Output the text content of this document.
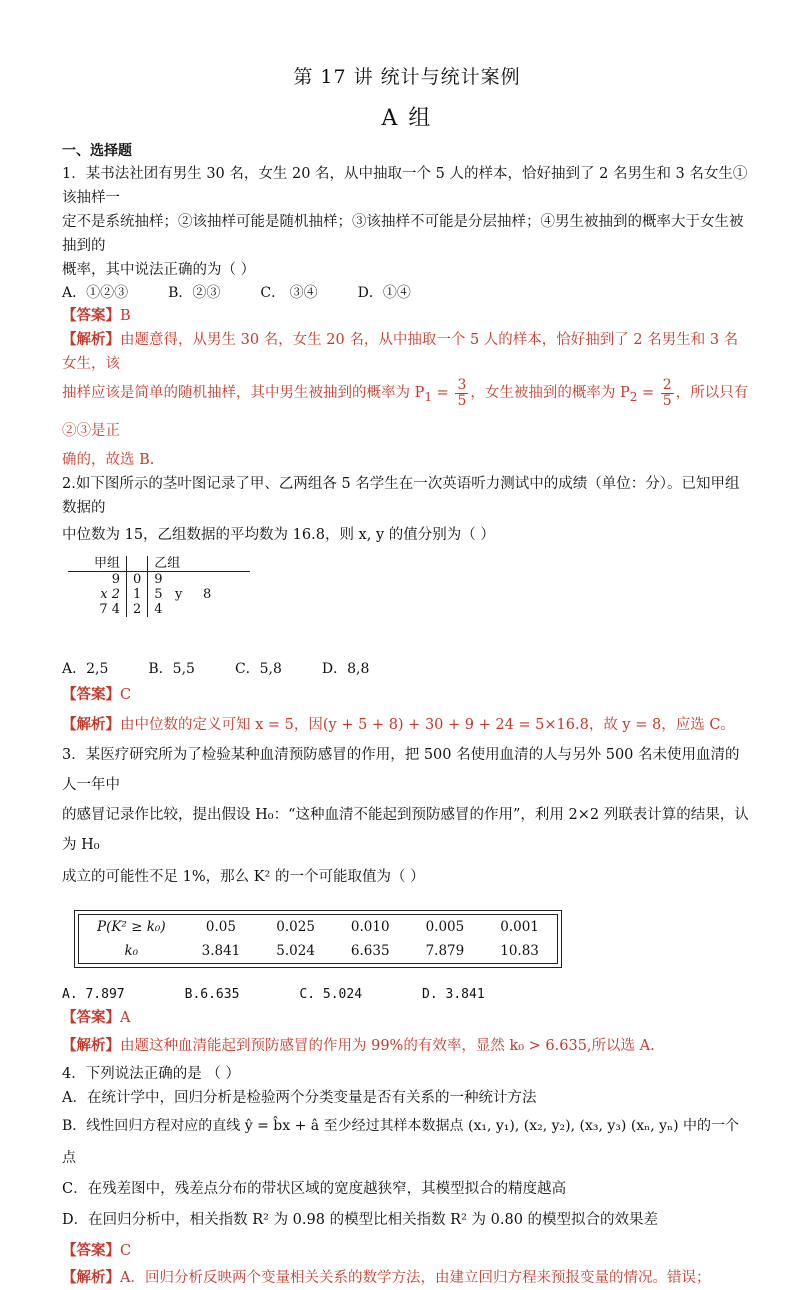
第 17 讲 统计与统计案例
A 组
一、选择题

1．某书法社团有男生 30 名，女生 20 名，从中抽取一个 5 人的样本，恰好抽到了 2 名男生和 3 名女生①该抽样一

定不是系统抽样；②该抽样可能是随机抽样；③该抽样不可能是分层抽样；④男生被抽到的概率大于女生被抽到的

概率，其中说法正确的为（ ）

A．①②③	B．②③	C． ③④	D．①④

【答案】B

【解析】由题意得，从男生 30 名，女生 20 名，从中抽取一个 5 人的样本，恰好抽到了 2 名男生和 3 名女生，该

抽样应该是简单的随机抽样，其中男生被抽到的概率为 $P_1 = \frac{3}{5}$ ，女生被抽到的概率为 $P_2 = \frac{2}{5}$ ，所以只有②③是正

确的，故选 B.

2.如下图所示的茎叶图记录了甲、乙两组各 5 名学生在一次英语听力测试中的成绩（单位：分）。已知甲组数据的

中位数为 15，乙组数据的平均数为 16.8，则 x, y 的值分别为（ ）

甲组		乙组
9	0	9
x 2	1	5   y     8
7 4	2	4
A．2,5	B．5,5	C．5,8	D．8,8

【答案】C

【解析】由中位数的定义可知 x = 5，因(y + 5 + 8) + 30 + 9 + 24 = 5×16.8，故 y = 8，应选 C。

3．某医疗研究所为了检验某种血清预防感冒的作用，把 500 名使用血清的人与另外 500 名未使用血清的人一年中

的感冒记录作比较，提出假设 H₀：“这种血清不能起到预防感冒的作用”，利用 2×2 列联表计算的结果，认为 H₀

成立的可能性不足 1%，那么 K² 的一个可能取值为（ ）

P(K² ≥ k₀)	0.05	0.025	0.010	0.005	0.001
k₀	3.841	5.024	6.635	7.879	10.83
A. 7.897	B.6.635	C. 5.024	D. 3.841

【答案】A

【解析】由题这种血清能起到预防感冒的作用为 99%的有效率，显然 k₀ > 6.635,所以选 A.

4．下列说法正确的是 （ ）

A．在统计学中，回归分析是检验两个分类变量是否有关系的一种统计方法

B．线性回归方程对应的直线 ŷ = b̂x + â 至少经过其样本数据点 (x₁, y₁), (x₂, y₂), (x₃, y₃) (xₙ, yₙ) 中的一个点

C．在残差图中，残差点分布的带状区域的宽度越狭窄，其模型拟合的精度越高

D．在回归分析中，相关指数 R² 为 0.98 的模型比相关指数 R² 为 0.80 的模型拟合的效果差

【答案】C

【解析】A．回归分析反映两个变量相关关系的数学方法，由建立回归方程来预报变量的情况。错误；
